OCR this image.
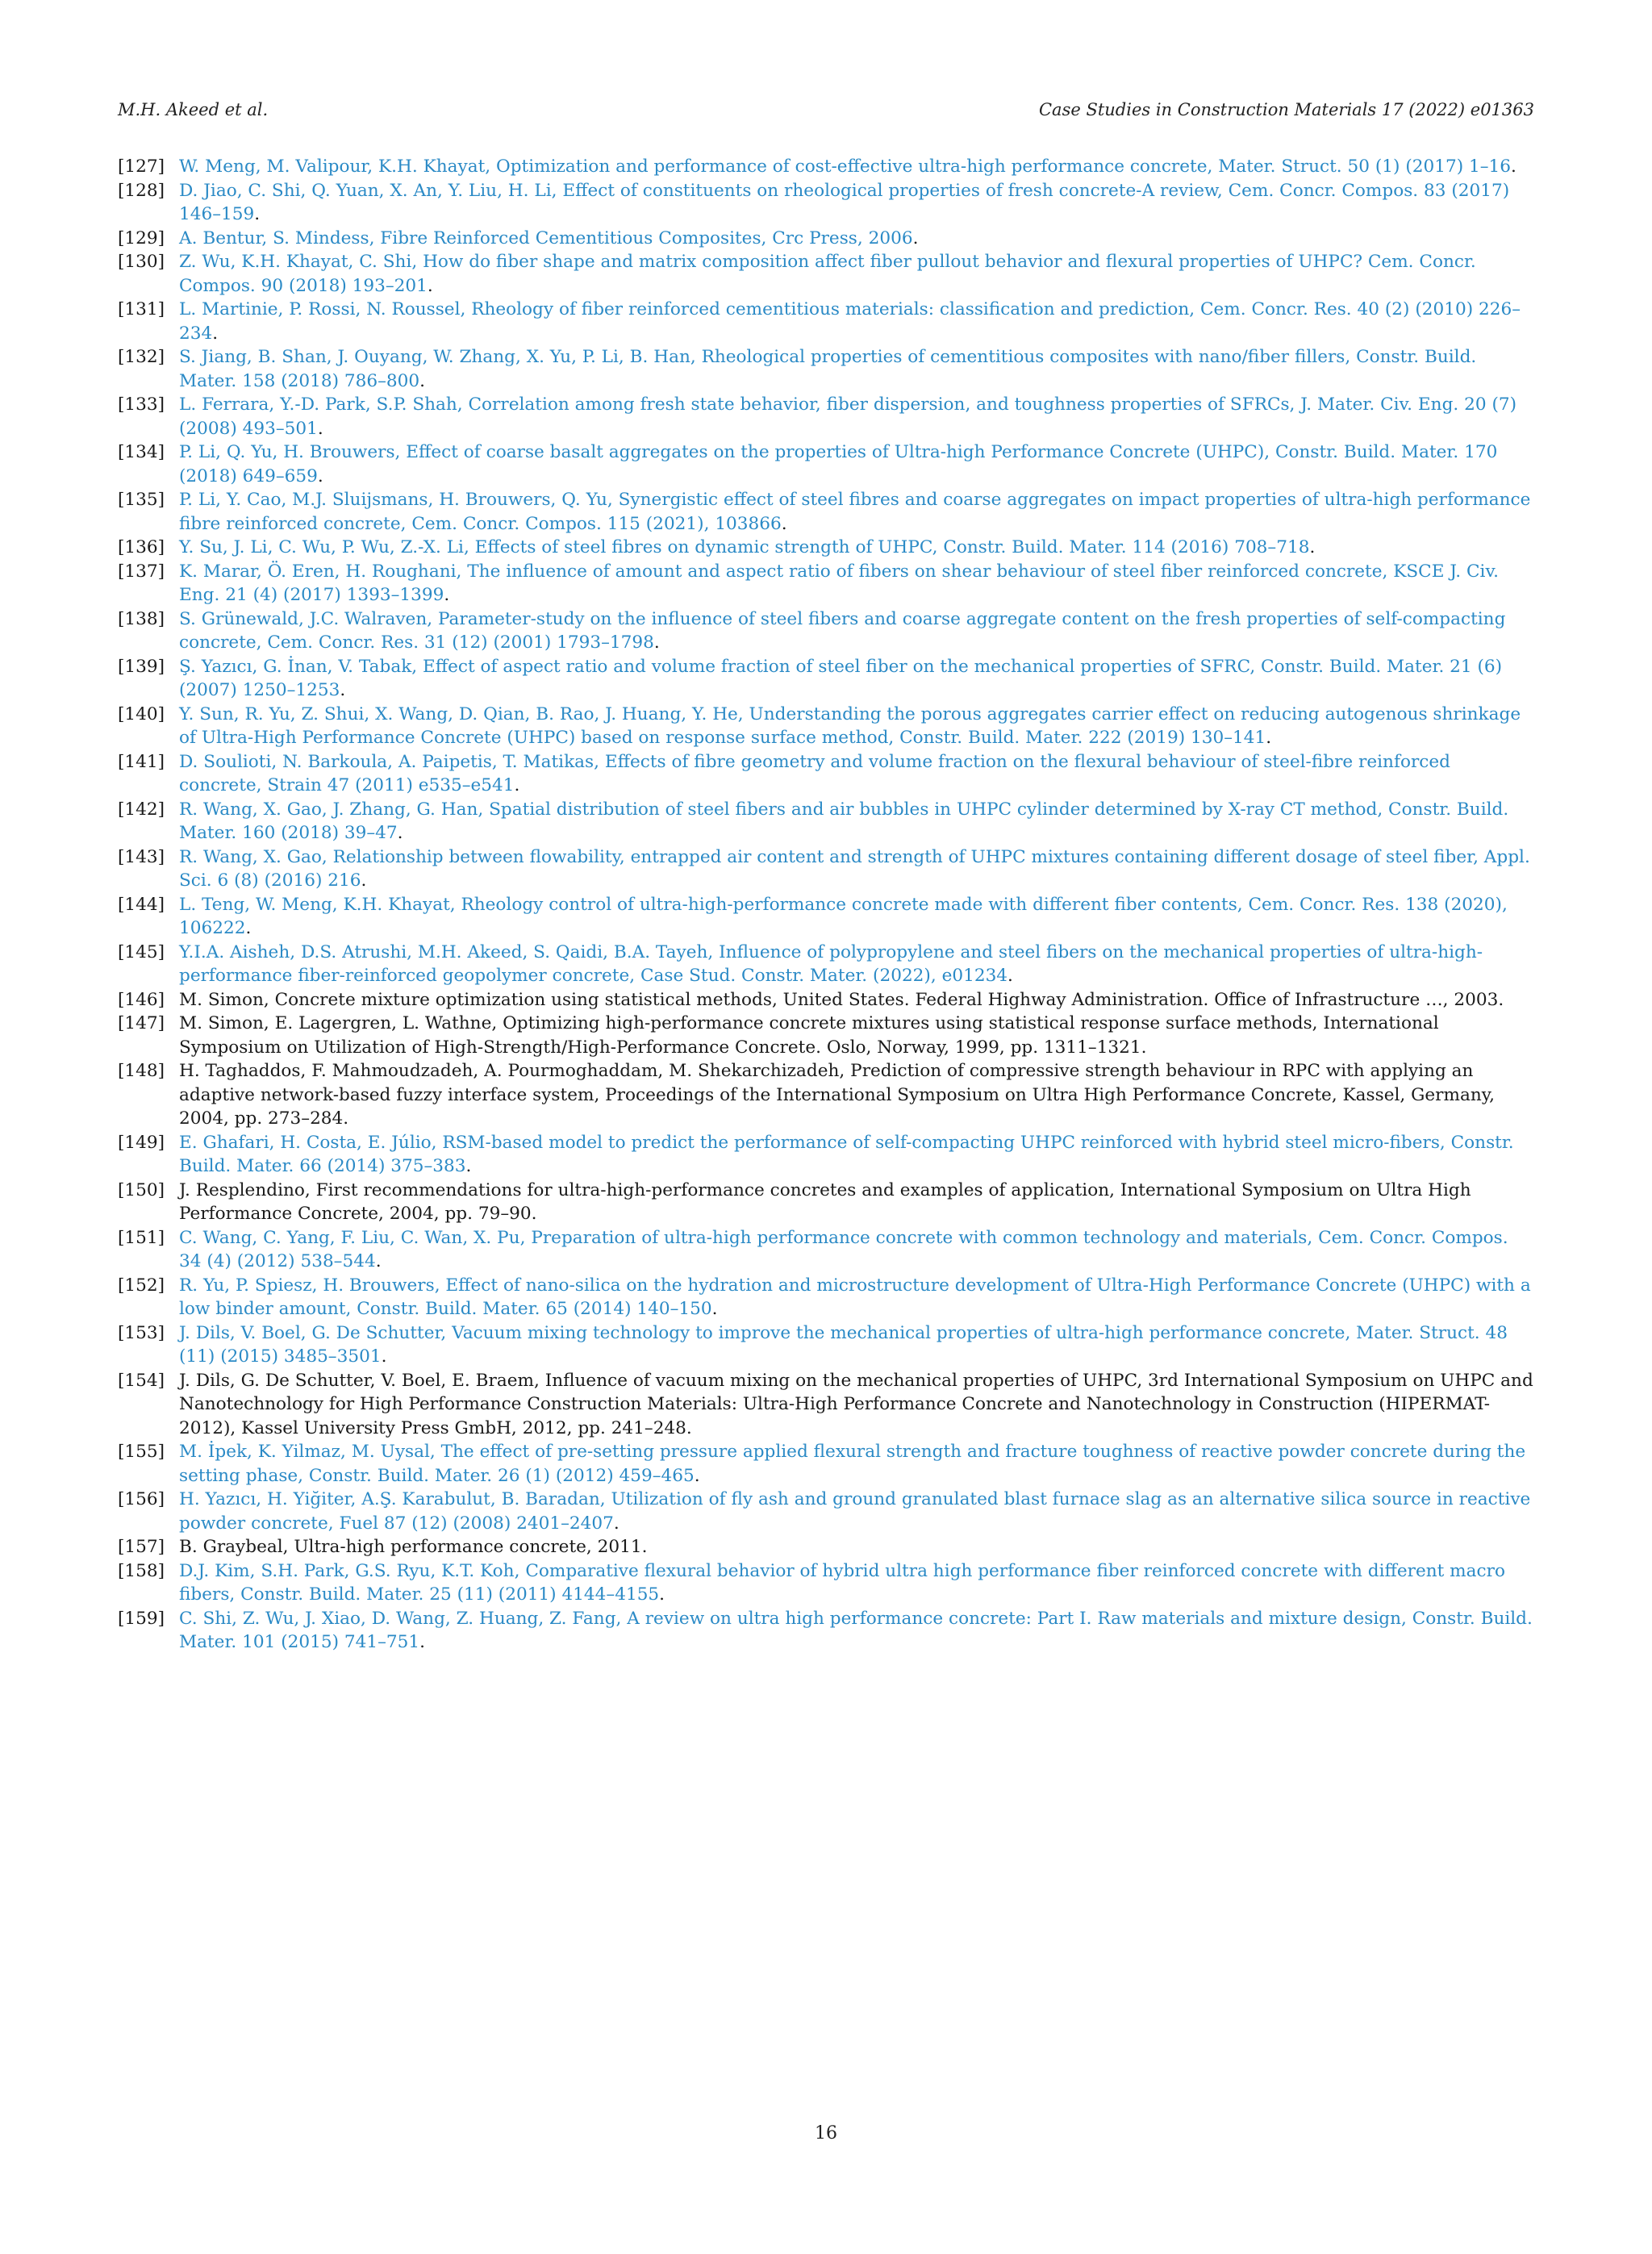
M.H. Akeed et al.	Case Studies in Construction Materials 17 (2022) e01363

[127] W. Meng, M. Valipour, K.H. Khayat, Optimization and performance of cost-effective ultra-high performance concrete, Mater. Struct. 50 (1) (2017) 1–16.

[128] D. Jiao, C. Shi, Q. Yuan, X. An, Y. Liu, H. Li, Effect of constituents on rheological properties of fresh concrete-A review, Cem. Concr. Compos. 83 (2017) 146–159.

[129] A. Bentur, S. Mindess, Fibre Reinforced Cementitious Composites, Crc Press, 2006.

[130] Z. Wu, K.H. Khayat, C. Shi, How do fiber shape and matrix composition affect fiber pullout behavior and flexural properties of UHPC? Cem. Concr. Compos. 90 (2018) 193–201.

[131] L. Martinie, P. Rossi, N. Roussel, Rheology of fiber reinforced cementitious materials: classification and prediction, Cem. Concr. Res. 40 (2) (2010) 226–234.

[132] S. Jiang, B. Shan, J. Ouyang, W. Zhang, X. Yu, P. Li, B. Han, Rheological properties of cementitious composites with nano/fiber fillers, Constr. Build. Mater. 158 (2018) 786–800.

[133] L. Ferrara, Y.-D. Park, S.P. Shah, Correlation among fresh state behavior, fiber dispersion, and toughness properties of SFRCs, J. Mater. Civ. Eng. 20 (7) (2008) 493–501.

[134] P. Li, Q. Yu, H. Brouwers, Effect of coarse basalt aggregates on the properties of Ultra-high Performance Concrete (UHPC), Constr. Build. Mater. 170 (2018) 649–659.

[135] P. Li, Y. Cao, M.J. Sluijsmans, H. Brouwers, Q. Yu, Synergistic effect of steel fibres and coarse aggregates on impact properties of ultra-high performance fibre reinforced concrete, Cem. Concr. Compos. 115 (2021), 103866.

[136] Y. Su, J. Li, C. Wu, P. Wu, Z.-X. Li, Effects of steel fibres on dynamic strength of UHPC, Constr. Build. Mater. 114 (2016) 708–718.

[137] K. Marar, Ö. Eren, H. Roughani, The influence of amount and aspect ratio of fibers on shear behaviour of steel fiber reinforced concrete, KSCE J. Civ. Eng. 21 (4) (2017) 1393–1399.

[138] S. Grünewald, J.C. Walraven, Parameter-study on the influence of steel fibers and coarse aggregate content on the fresh properties of self-compacting concrete, Cem. Concr. Res. 31 (12) (2001) 1793–1798.

[139] Ş. Yazıcı, G. İnan, V. Tabak, Effect of aspect ratio and volume fraction of steel fiber on the mechanical properties of SFRC, Constr. Build. Mater. 21 (6) (2007) 1250–1253.

[140] Y. Sun, R. Yu, Z. Shui, X. Wang, D. Qian, B. Rao, J. Huang, Y. He, Understanding the porous aggregates carrier effect on reducing autogenous shrinkage of Ultra-High Performance Concrete (UHPC) based on response surface method, Constr. Build. Mater. 222 (2019) 130–141.

[141] D. Soulioti, N. Barkoula, A. Paipetis, T. Matikas, Effects of fibre geometry and volume fraction on the flexural behaviour of steel-fibre reinforced concrete, Strain 47 (2011) e535–e541.

[142] R. Wang, X. Gao, J. Zhang, G. Han, Spatial distribution of steel fibers and air bubbles in UHPC cylinder determined by X-ray CT method, Constr. Build. Mater. 160 (2018) 39–47.

[143] R. Wang, X. Gao, Relationship between flowability, entrapped air content and strength of UHPC mixtures containing different dosage of steel fiber, Appl. Sci. 6 (8) (2016) 216.

[144] L. Teng, W. Meng, K.H. Khayat, Rheology control of ultra-high-performance concrete made with different fiber contents, Cem. Concr. Res. 138 (2020), 106222.

[145] Y.I.A. Aisheh, D.S. Atrushi, M.H. Akeed, S. Qaidi, B.A. Tayeh, Influence of polypropylene and steel fibers on the mechanical properties of ultra-high-performance fiber-reinforced geopolymer concrete, Case Stud. Constr. Mater. (2022), e01234.

[146] M. Simon, Concrete mixture optimization using statistical methods, United States. Federal Highway Administration. Office of Infrastructure …, 2003.

[147] M. Simon, E. Lagergren, L. Wathne, Optimizing high-performance concrete mixtures using statistical response surface methods, International Symposium on Utilization of High-Strength/High-Performance Concrete. Oslo, Norway, 1999, pp. 1311–1321.

[148] H. Taghaddos, F. Mahmoudzadeh, A. Pourmoghaddam, M. Shekarchizadeh, Prediction of compressive strength behaviour in RPC with applying an adaptive network-based fuzzy interface system, Proceedings of the International Symposium on Ultra High Performance Concrete, Kassel, Germany, 2004, pp. 273–284.

[149] E. Ghafari, H. Costa, E. Júlio, RSM-based model to predict the performance of self-compacting UHPC reinforced with hybrid steel micro-fibers, Constr. Build. Mater. 66 (2014) 375–383.

[150] J. Resplendino, First recommendations for ultra-high-performance concretes and examples of application, International Symposium on Ultra High Performance Concrete, 2004, pp. 79–90.

[151] C. Wang, C. Yang, F. Liu, C. Wan, X. Pu, Preparation of ultra-high performance concrete with common technology and materials, Cem. Concr. Compos. 34 (4) (2012) 538–544.

[152] R. Yu, P. Spiesz, H. Brouwers, Effect of nano-silica on the hydration and microstructure development of Ultra-High Performance Concrete (UHPC) with a low binder amount, Constr. Build. Mater. 65 (2014) 140–150.

[153] J. Dils, V. Boel, G. De Schutter, Vacuum mixing technology to improve the mechanical properties of ultra-high performance concrete, Mater. Struct. 48 (11) (2015) 3485–3501.

[154] J. Dils, G. De Schutter, V. Boel, E. Braem, Influence of vacuum mixing on the mechanical properties of UHPC, 3rd International Symposium on UHPC and Nanotechnology for High Performance Construction Materials: Ultra-High Performance Concrete and Nanotechnology in Construction (HIPERMAT-2012), Kassel University Press GmbH, 2012, pp. 241–248.

[155] M. İpek, K. Yilmaz, M. Uysal, The effect of pre-setting pressure applied flexural strength and fracture toughness of reactive powder concrete during the setting phase, Constr. Build. Mater. 26 (1) (2012) 459–465.

[156] H. Yazıcı, H. Yiğiter, A.Ş. Karabulut, B. Baradan, Utilization of fly ash and ground granulated blast furnace slag as an alternative silica source in reactive powder concrete, Fuel 87 (12) (2008) 2401–2407.

[157] B. Graybeal, Ultra-high performance concrete, 2011.

[158] D.J. Kim, S.H. Park, G.S. Ryu, K.T. Koh, Comparative flexural behavior of hybrid ultra high performance fiber reinforced concrete with different macro fibers, Constr. Build. Mater. 25 (11) (2011) 4144–4155.

[159] C. Shi, Z. Wu, J. Xiao, D. Wang, Z. Huang, Z. Fang, A review on ultra high performance concrete: Part I. Raw materials and mixture design, Constr. Build. Mater. 101 (2015) 741–751.

16
